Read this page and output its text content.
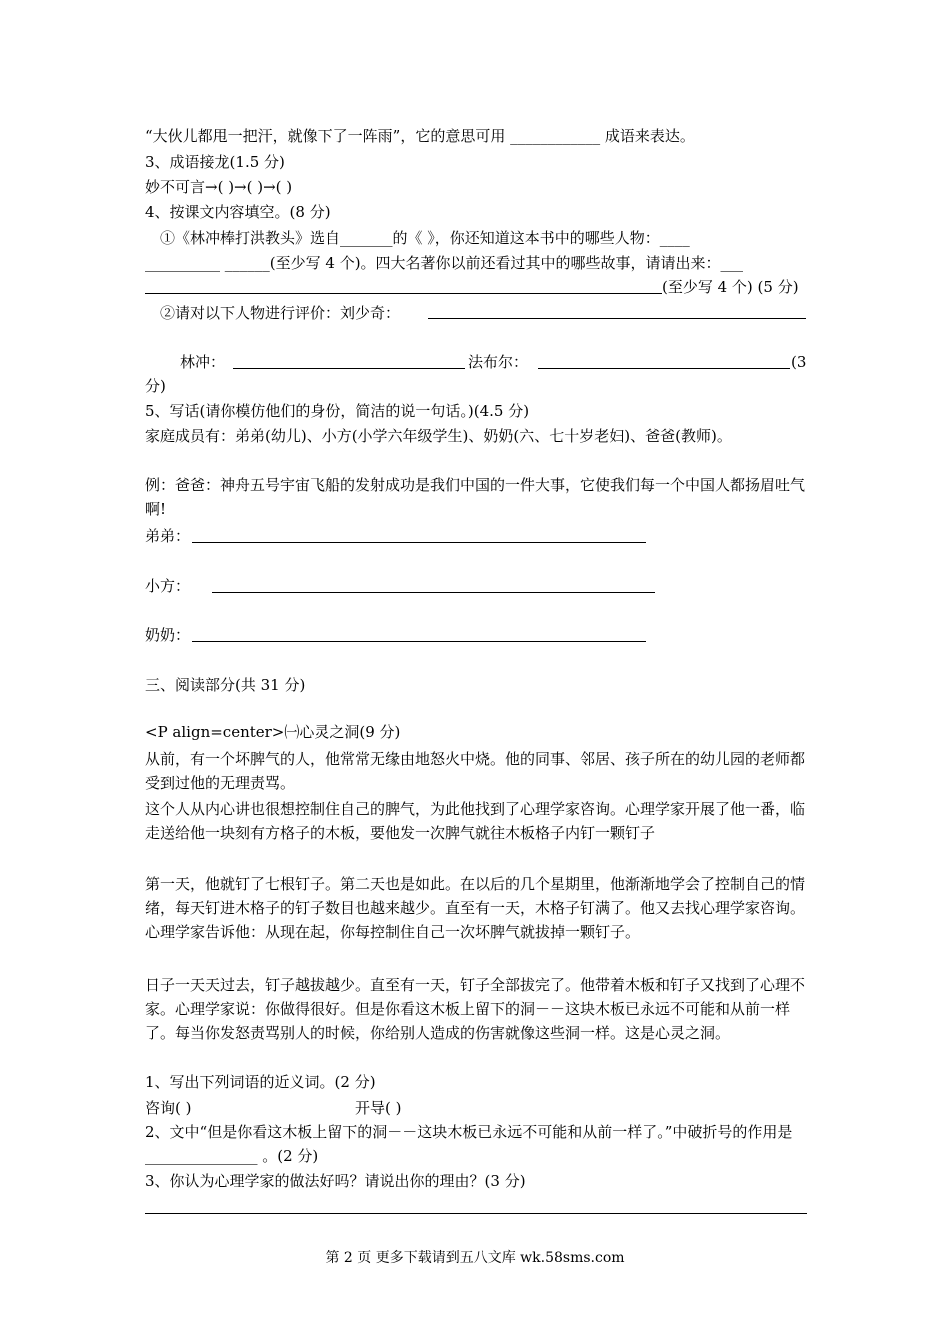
“大伙儿都甩一把汗，就像下了一阵雨”，它的意思可用 ____________ 成语来表达。
3、成语接龙(1.5 分)
妙不可言→( )→( )→( )
4、按课文内容填空。(8 分)
①《林冲棒打洪教头》选自_______的《 》，你还知道这本书中的哪些人物：____
__________ ______(至少写 4 个)。四大名著你以前还看过其中的哪些故事，请请出来：___
(至少写 4 个) (5 分)
②请对以下人物进行评价：刘少奇：
林冲：	法布尔：	(3
分)
5、写话(请你模仿他们的身份，简洁的说一句话。)(4.5 分)
家庭成员有：弟弟(幼儿)、小方(小学六年级学生)、奶奶(六、七十岁老妇)、爸爸(教师)。
例：爸爸：神舟五号宇宙飞船的发射成功是我们中国的一件大事，它使我们每一个中国人都扬眉吐气啊!
弟弟：
小方：
奶奶：
三、阅读部分(共 31 分)
<P align=center>㈠心灵之洞(9 分)
从前，有一个坏脾气的人，他常常无缘由地怒火中烧。他的同事、邻居、孩子所在的幼儿园的老师都受到过他的无理责骂。
这个人从内心讲也很想控制住自己的脾气，为此他找到了心理学家咨询。心理学家开展了他一番，临走送给他一块刻有方格子的木板，要他发一次脾气就往木板格子内钉一颗钉子
第一天，他就钉了七根钉子。第二天也是如此。在以后的几个星期里，他渐渐地学会了控制自己的情绪，每天钉进木格子的钉子数目也越来越少。直至有一天，木格子钉满了。他又去找心理学家咨询。心理学家告诉他：从现在起，你每控制住自己一次坏脾气就拔掉一颗钉子。
日子一天天过去，钉子越拔越少。直至有一天，钉子全部拔完了。他带着木板和钉子又找到了心理不家。心理学家说：你做得很好。但是你看这木板上留下的洞－－这块木板已永远不可能和从前一样了。每当你发怒责骂别人的时候，你给别人造成的伤害就像这些洞一样。这是心灵之洞。
1、写出下列词语的近义词。(2 分)
咨询( )	开导( )
2、文中“但是你看这木板上留下的洞－－这块木板已永远不可能和从前一样了。”中破折号的作用是 _______________ 。(2 分)
3、你认为心理学家的做法好吗？请说出你的理由？(3 分)
第 2 页 更多下载请到五八文库 wk.58sms.com
